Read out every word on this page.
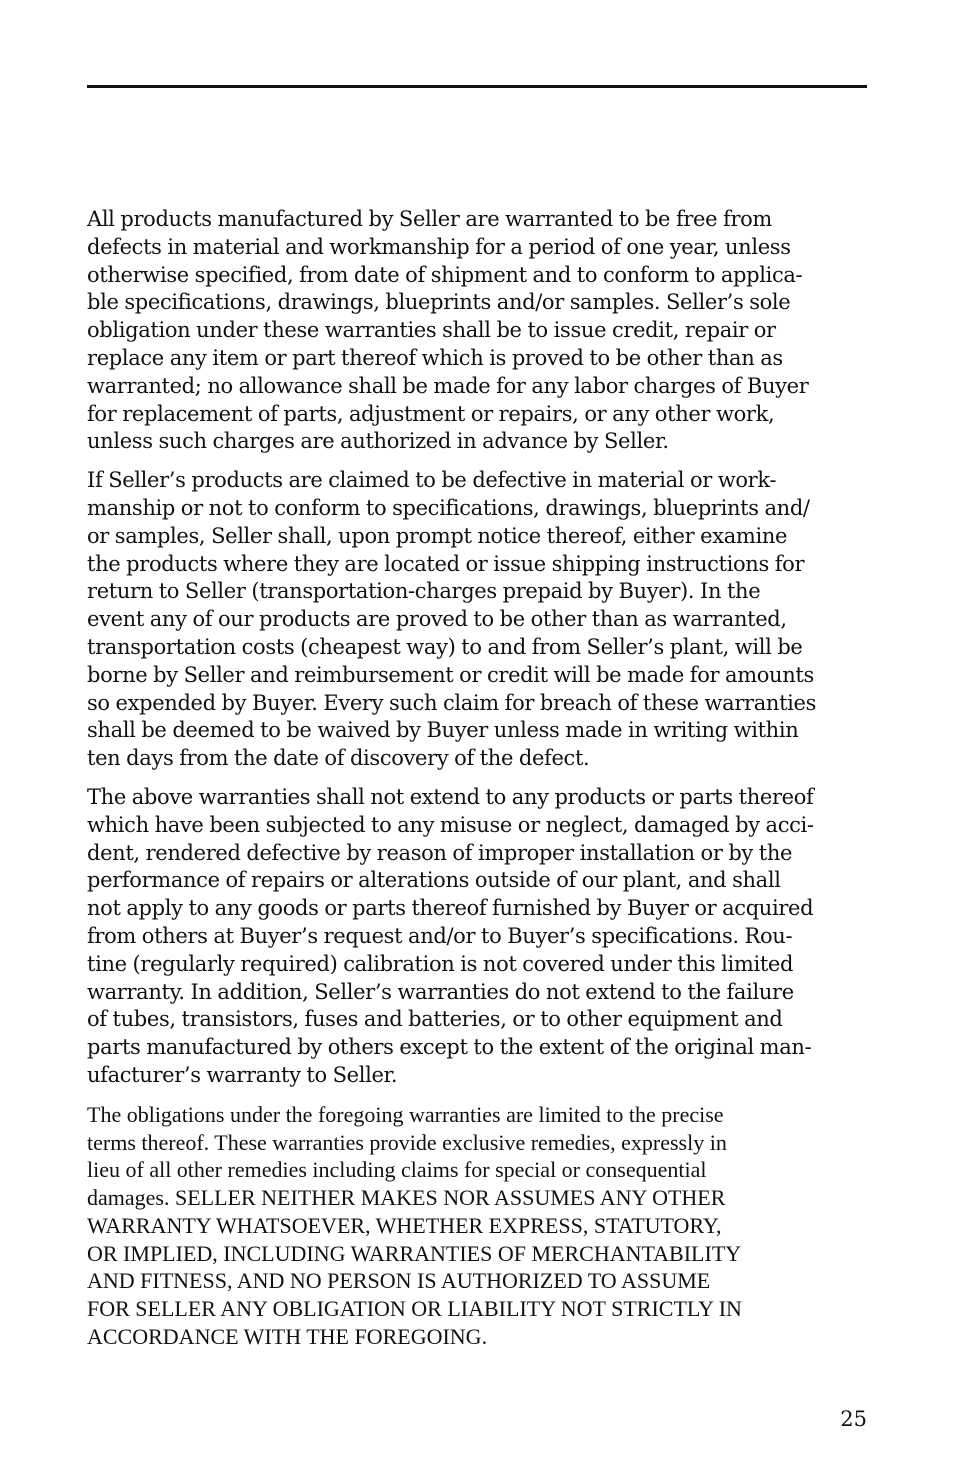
All products manufactured by Seller are warranted to be free from
defects in material and workmanship for a period of one year, unless
otherwise specified, from date of shipment and to conform to applica-
ble specifications, drawings, blueprints and/or samples. Seller’s sole
obligation under these warranties shall be to issue credit, repair or
replace any item or part thereof which is proved to be other than as
warranted; no allowance shall be made for any labor charges of Buyer
for replacement of parts, adjustment or repairs, or any other work,
unless such charges are authorized in advance by Seller.

If Seller’s products are claimed to be defective in material or work-
manship or not to conform to specifications, drawings, blueprints and/
or samples, Seller shall, upon prompt notice thereof, either examine
the products where they are located or issue shipping instructions for
return to Seller (transportation-charges prepaid by Buyer). In the
event any of our products are proved to be other than as warranted,
transportation costs (cheapest way) to and from Seller’s plant, will be
borne by Seller and reimbursement or credit will be made for amounts
so expended by Buyer. Every such claim for breach of these warranties
shall be deemed to be waived by Buyer unless made in writing within
ten days from the date of discovery of the defect.

The above warranties shall not extend to any products or parts thereof
which have been subjected to any misuse or neglect, damaged by acci-
dent, rendered defective by reason of improper installation or by the
performance of repairs or alterations outside of our plant, and shall
not apply to any goods or parts thereof furnished by Buyer or acquired
from others at Buyer’s request and/or to Buyer’s specifications. Rou-
tine (regularly required) calibration is not covered under this limited
warranty. In addition, Seller’s warranties do not extend to the failure
of tubes, transistors, fuses and batteries, or to other equipment and
parts manufactured by others except to the extent of the original man-
ufacturer’s warranty to Seller.

The obligations under the foregoing warranties are limited to the precise
terms thereof. These warranties provide exclusive remedies, expressly in
lieu of all other remedies including claims for special or consequential
damages. SELLER NEITHER MAKES NOR ASSUMES ANY OTHER
WARRANTY WHATSOEVER, WHETHER EXPRESS, STATUTORY,
OR IMPLIED, INCLUDING WARRANTIES OF MERCHANTABILITY
AND FITNESS, AND NO PERSON IS AUTHORIZED TO ASSUME
FOR SELLER ANY OBLIGATION OR LIABILITY NOT STRICTLY IN
ACCORDANCE WITH THE FOREGOING.

25
